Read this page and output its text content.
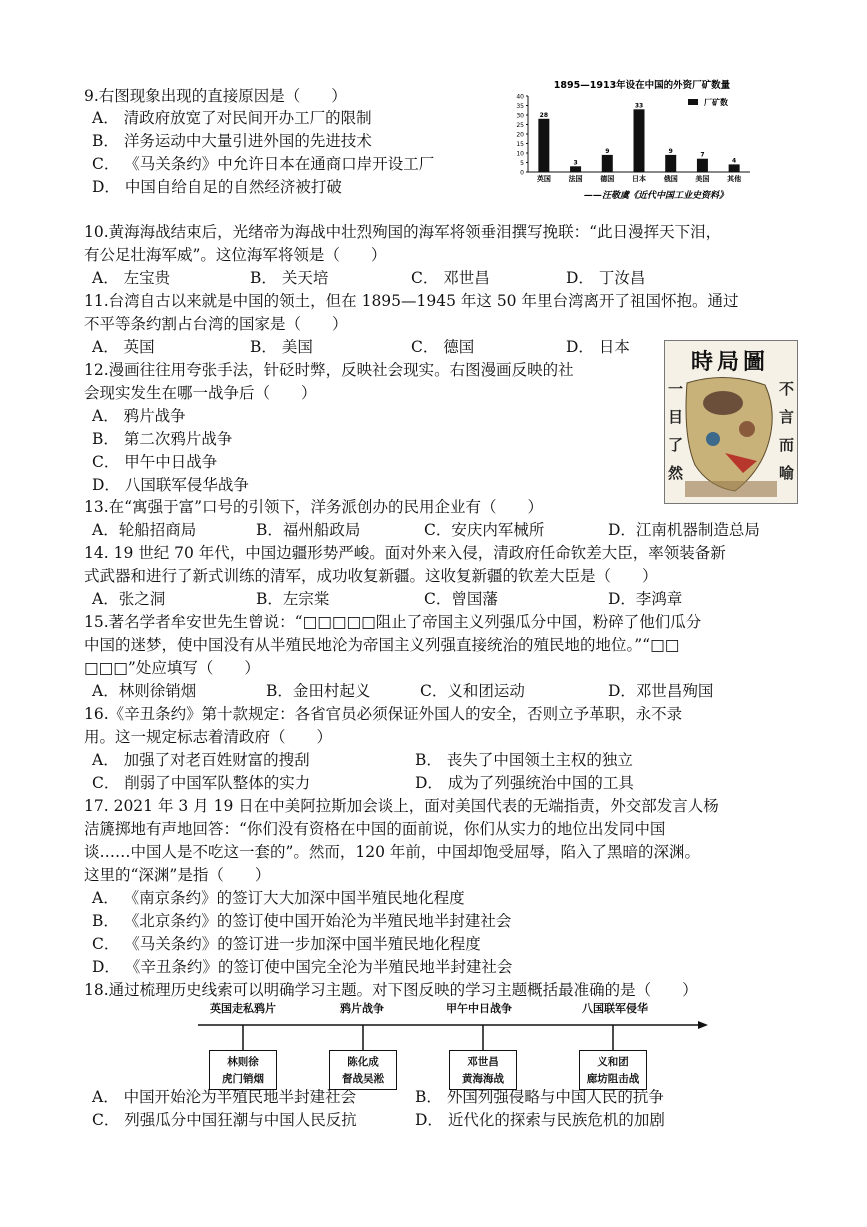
9.右图现象出现的直接原因是（　　）
A． 清政府放宽了对民间开办工厂的限制
B． 洋务运动中大量引进外国的先进技术
C． 《马关条约》中允许日本在通商口岸开设工厂
D． 中国自给自足的自然经济被打破
1895—1913年设在中国的外资厂矿数量
厂矿数
28
英国
3
法国
9
德国
33
日本
9
俄国
7
美国
4
其他
0
5
10
15
20
25
30
35
40
——汪敬虞《近代中国工业史资料》
10.黄海海战结束后，光绪帝为海战中壮烈殉国的海军将领垂泪撰写挽联：“此日漫挥天下泪，
有公足壮海军威”。这位海军将领是（　　）
A． 左宝贵	B． 关天培	C． 邓世昌	D． 丁汝昌
11.台湾自古以来就是中国的领土，但在 1895—1945 年这 50 年里台湾离开了祖国怀抱。通过
不平等条约割占台湾的国家是（　　）
A． 英国	B． 美国	C． 德国	D． 日本
12.漫画往往用夸张手法，针砭时弊，反映社会现实。右图漫画反映的社
会现实发生在哪一战争后（　　）
A． 鸦片战争
B． 第二次鸦片战争
C． 甲午中日战争
D． 八国联军侵华战争
時局圖
一
目
了
然
不
言
而
喻
13.在“寓强于富”口号的引领下，洋务派创办的民用企业有（　　）
A．轮船招商局	B．福州船政局	C．安庆内军械所	D．江南机器制造总局
14. 19 世纪 70 年代，中国边疆形势严峻。面对外来入侵，清政府任命钦差大臣，率领装备新
式武器和进行了新式训练的清军，成功收复新疆。这收复新疆的钦差大臣是（　　）
A．张之洞	B．左宗棠	C．曾国藩	D．李鸿章
15.著名学者牟安世先生曾说：“□□□□□阻止了帝国主义列强瓜分中国，粉碎了他们瓜分
中国的迷梦，使中国没有从半殖民地沦为帝国主义列强直接统治的殖民地的地位。”“□□
□□□”处应填写（　　）
A．林则徐销烟	B．金田村起义	C．义和团运动	D．邓世昌殉国
16.《辛丑条约》第十款规定：各省官员必须保证外国人的安全，否则立予革职，永不录
用。这一规定标志着清政府（　　）
A． 加强了对老百姓财富的搜刮	B． 丧失了中国领土主权的独立
C． 削弱了中国军队整体的实力	D． 成为了列强统治中国的工具
17. 2021 年 3 月 19 日在中美阿拉斯加会谈上，面对美国代表的无端指责，外交部发言人杨
洁篪掷地有声地回答：“你们没有资格在中国的面前说，你们从实力的地位出发同中国
谈……中国人是不吃这一套的”。然而，120 年前，中国却饱受屈辱，陷入了黑暗的深渊。
这里的“深渊”是指（　　）
A． 《南京条约》的签订大大加深中国半殖民地化程度
B． 《北京条约》的签订使中国开始沦为半殖民地半封建社会
C． 《马关条约》的签订进一步加深中国半殖民地化程度
D． 《辛丑条约》的签订使中国完全沦为半殖民地半封建社会
18.通过梳理历史线索可以明确学习主题。对下图反映的学习主题概括最准确的是（　　）
英国走私鸦片	鸦片战争	甲午中日战争	八国联军侵华
林则徐
虎门销烟
陈化成
督战吴淞
邓世昌
黄海海战
义和团
廊坊阻击战
A． 中国开始沦为半殖民地半封建社会	B． 外国列强侵略与中国人民的抗争
C． 列强瓜分中国狂潮与中国人民反抗	D． 近代化的探索与民族危机的加剧
